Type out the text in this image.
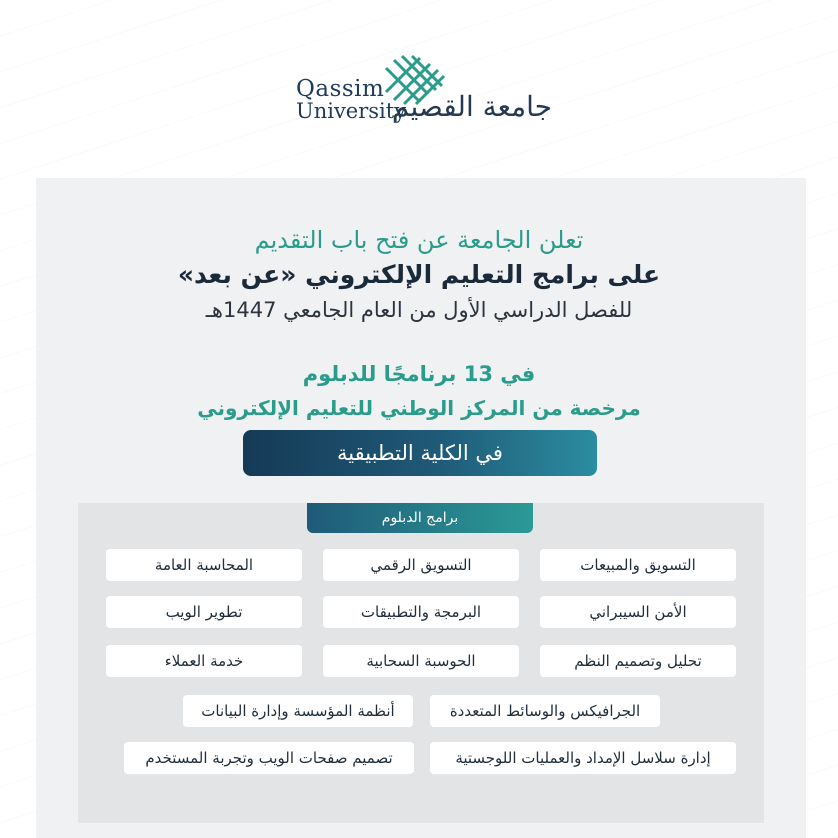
Qassim
University
جامعة القصيم
تعلن الجامعة عن فتح باب التقديم
على برامج التعليم الإلكتروني «عن بعد»
للفصل الدراسي الأول من العام الجامعي 1447هـ
في 13 برنامجًا للدبلوم
مرخصة من المركز الوطني للتعليم الإلكتروني
في الكلية التطبيقية
برامج الدبلوم
التسويق والمبيعات
التسويق الرقمي
المحاسبة العامة
الأمن السيبراني
البرمجة والتطبيقات
تطوير الويب
تحليل وتصميم النظم
الحوسبة السحابية
خدمة العملاء
الجرافيكس والوسائط المتعددة
أنظمة المؤسسة وإدارة البيانات
إدارة سلاسل الإمداد والعمليات اللوجستية
تصميم صفحات الويب وتجربة المستخدم
